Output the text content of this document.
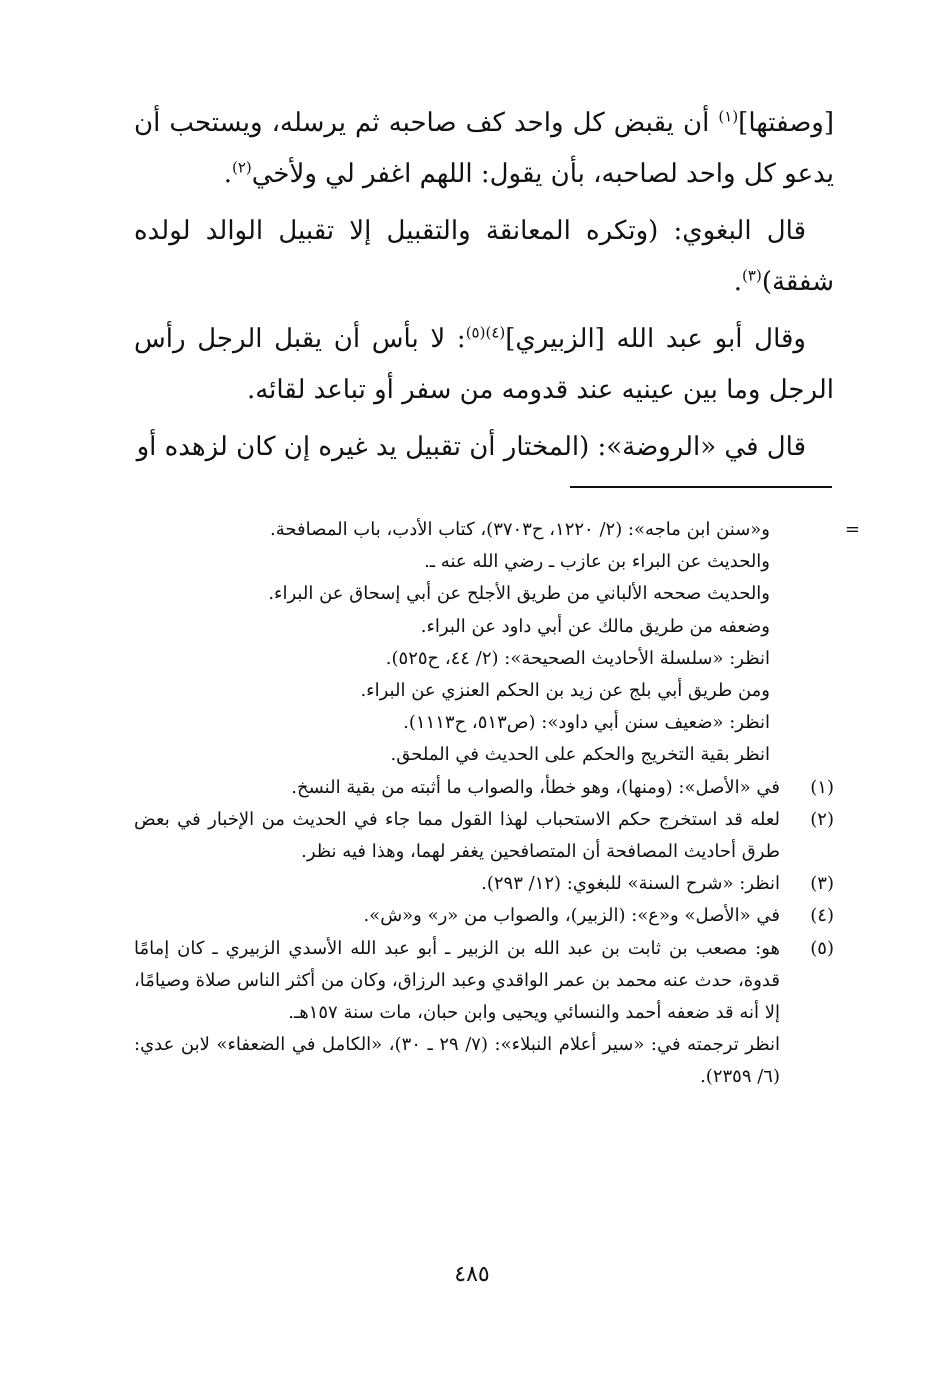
[وصفتها]$^{(١)}$ أن يقبض كل واحد كف صاحبه ثم يرسله، ويستحب أن يدعو كل واحد لصاحبه، بأن يقول: اللهم اغفر لي ولأخي$^{(٢)}$.

قال البغوي: (وتكره المعانقة والتقبيل إلا تقبيل الوالد لولده شفقة)$^{(٣)}$.

وقال أبو عبد الله [الزبيري]$^{(٤)(٥)}$: لا بأس أن يقبل الرجل رأس الرجل وما بين عينيه عند قدومه من سفر أو تباعد لقائه.

قال في «الروضة»: (المختار أن تقبيل يد غيره إن كان لزهده أو

=
و«سنن ابن ماجه»: (٢/ ١٢٢٠، ح٣٧٠٣)، كتاب الأدب، باب المصافحة.
والحديث عن البراء بن عازب ـ رضي الله عنه ـ.
والحديث صححه الألباني من طريق الأجلح عن أبي إسحاق عن البراء.
وضعفه من طريق مالك عن أبي داود عن البراء.
انظر: «سلسلة الأحاديث الصحيحة»: (٢/ ٤٤، ح٥٢٥).
ومن طريق أبي بلج عن زيد بن الحكم العنزي عن البراء.
انظر: «ضعيف سنن أبي داود»: (ص٥١٣، ح١١١٣).
انظر بقية التخريج والحكم على الحديث في الملحق.
(١)
في «الأصل»: (ومنها)، وهو خطأ، والصواب ما أثبته من بقية النسخ.
(٢)
لعله قد استخرج حكم الاستحباب لهذا القول مما جاء في الحديث من الإخبار في بعض طرق أحاديث المصافحة أن المتصافحين يغفر لهما، وهذا فيه نظر.
(٣)
انظر: «شرح السنة» للبغوي: (١٢/ ٢٩٣).
(٤)
في «الأصل» و«ع»: (الزبير)، والصواب من «ر» و«ش».
(٥)
هو: مصعب بن ثابت بن عبد الله بن الزبير ـ أبو عبد الله الأسدي الزبيري ـ كان إمامًا قدوة، حدث عنه محمد بن عمر الواقدي وعبد الرزاق، وكان من أكثر الناس صلاة وصيامًا، إلا أنه قد ضعفه أحمد والنسائي ويحيى وابن حبان، مات سنة ١٥٧هـ.
انظر ترجمته في: «سير أعلام النبلاء»: (٧/ ٢٩ ـ ٣٠)، «الكامل في الضعفاء» لابن عدي: (٦/ ٢٣٥٩).
٤٨٥
